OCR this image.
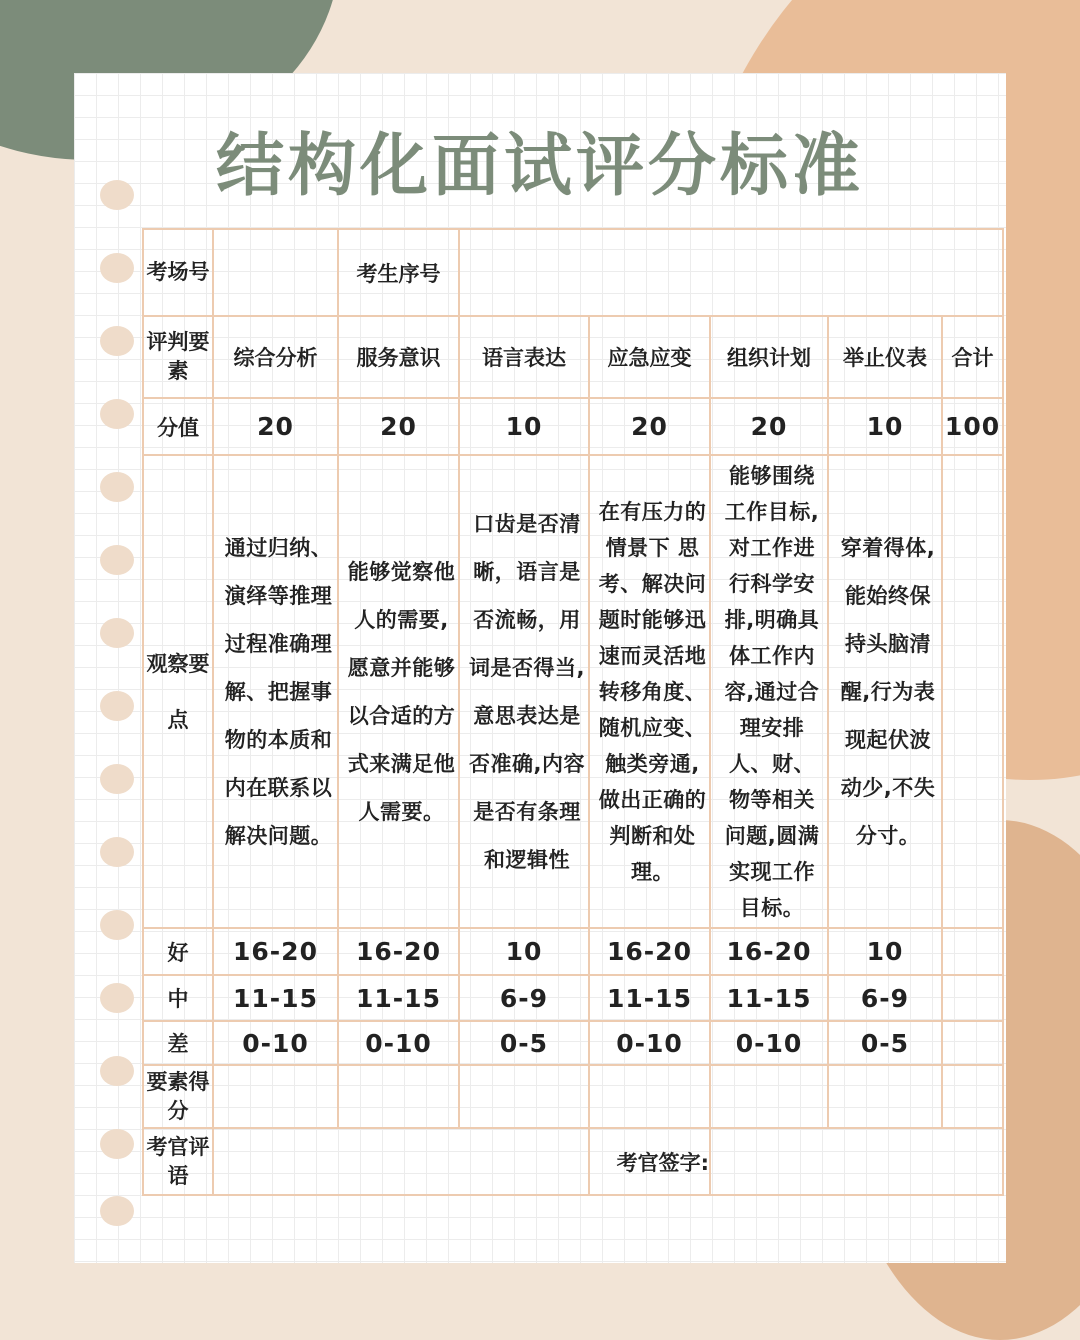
结构化面试评分标准
考场号		考生序号					
评判要素	综合分析	服务意识	语言表达	应急应变	组织计划	举止仪表	合计
分值	20	20	10	20	20	10	100
观察要点	通过归纳、演绎等推理过程准确理解、把握事物的本质和内在联系以解决问题。	能够觉察他人的需要,愿意并能够以合适的方式来满足他人需要。	口齿是否清晰，语言是否流畅，用词是否得当,意思表达是否准确,内容是否有条理和逻辑性	在有压力的情景下 思 考、解决问题时能够迅速而灵活地转移角度、随机应变、 触类旁通,做出正确的判断和处理。	能够围绕工作目标,对工作进行科学安排,明确具体工作内容,通过合理安排人、财、物等相关问题,圆满实现工作目标。	穿着得体,能始终保持头脑清醒,行为表现起伏波动少,不失分寸。	
好	16-20	16-20	10	16-20	16-20	10	
中	11-15	11-15	6-9	11-15	11-15	6-9	
差	0-10	0-10	0-5	0-10	0-10	0-5	
要素得分							
考官评语				考官签字:			
